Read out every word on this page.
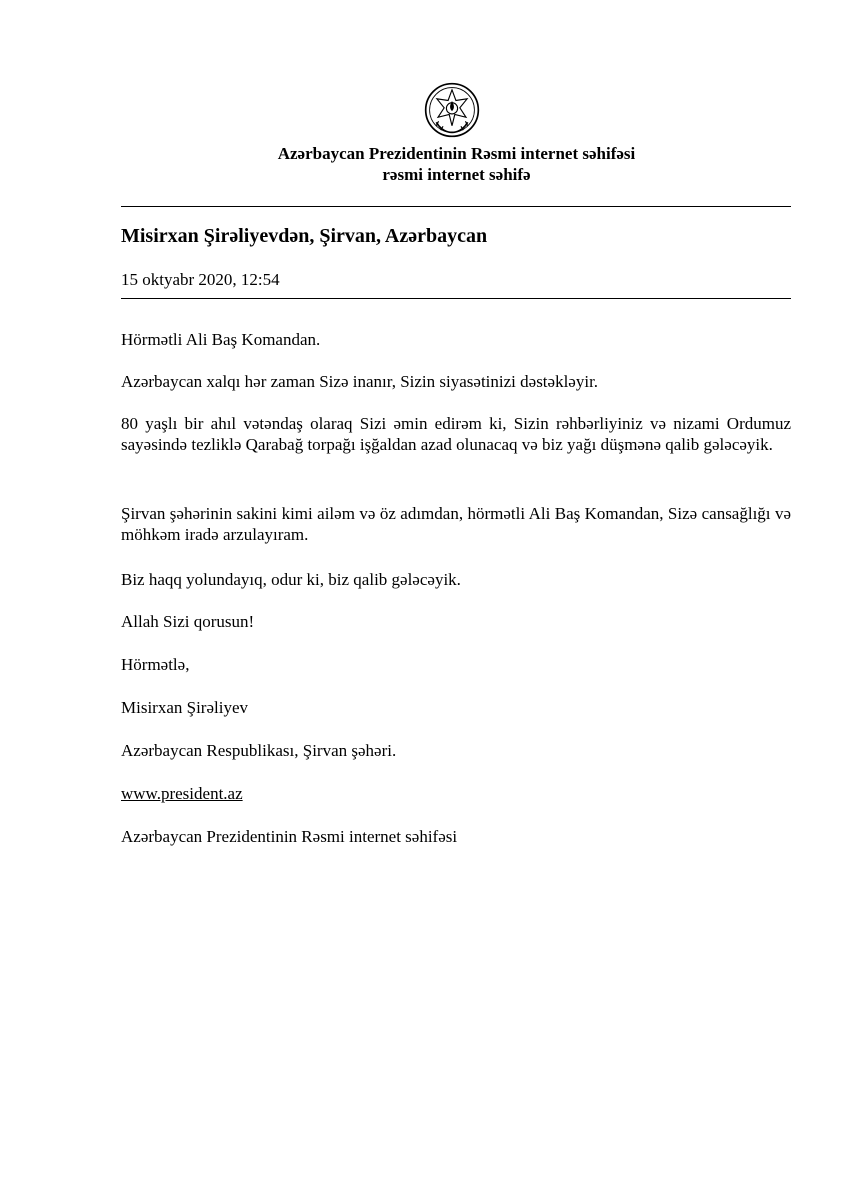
Azərbaycan Prezidentinin Rəsmi internet səhifəsi
rəsmi internet səhifə
Misirxan Şirəliyevdən, Şirvan, Azərbaycan
15 oktyabr 2020, 12:54
Hörmətli Ali Baş Komandan.
Azərbaycan xalqı hər zaman Sizə inanır, Sizin siyasətinizi dəstəkləyir.
80 yaşlı bir ahıl vətəndaş olaraq Sizi əmin edirəm ki, Sizin rəhbərliyiniz və nizami Ordumuz sayəsində tezliklə Qarabağ torpağı işğaldan azad olunacaq və biz yağı düşmənə qalib gələcəyik.
Şirvan şəhərinin sakini kimi ailəm və öz adımdan, hörmətli Ali Baş Komandan, Sizə cansağlığı və möhkəm iradə arzulayıram.
Biz haqq yolundayıq, odur ki, biz qalib gələcəyik.
Allah Sizi qorusun!
Hörmətlə,
Misirxan Şirəliyev
Azərbaycan Respublikası, Şirvan şəhəri.
www.president.az
Azərbaycan Prezidentinin Rəsmi internet səhifəsi
